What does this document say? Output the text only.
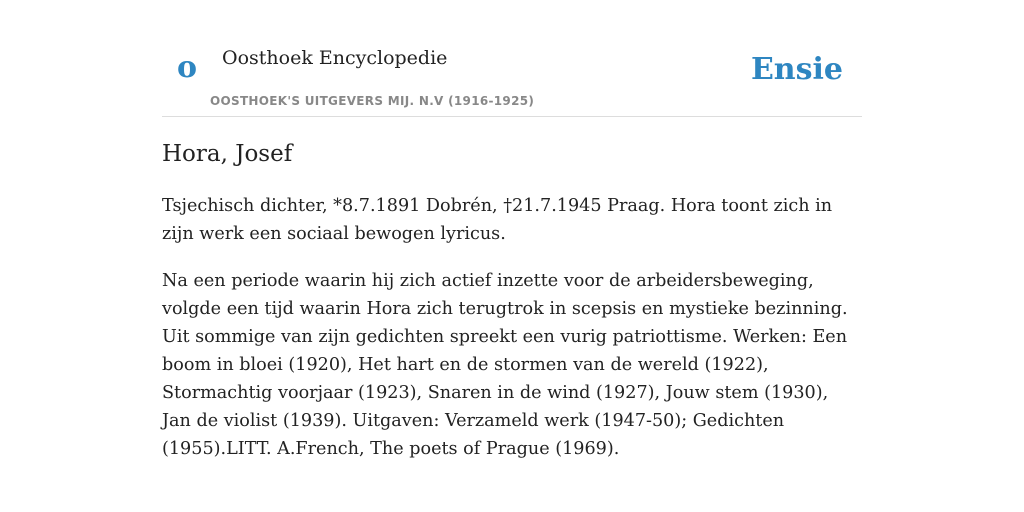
o Oosthoek Encyclopedie
OOSTHOEK'S UITGEVERS MIJ. N.V (1916-1925)
Ensie
Hora, Josef

Tsjechisch dichter, *8.7.1891 Dobrén, †21.7.1945 Praag. Hora toont zich in zijn werk een sociaal bewogen lyricus.

Na een periode waarin hij zich actief inzette voor de arbeidersbeweging, volgde een tijd waarin Hora zich terugtrok in scepsis en mystieke bezinning. Uit sommige van zijn gedichten spreekt een vurig patriottisme. Werken: Een boom in bloei (1920), Het hart en de stormen van de wereld (1922), Stormachtig voorjaar (1923), Snaren in de wind (1927), Jouw stem (1930), Jan de violist (1939). Uitgaven: Verzameld werk (1947-50); Gedichten (1955).LITT. A.French, The poets of Prague (1969).
